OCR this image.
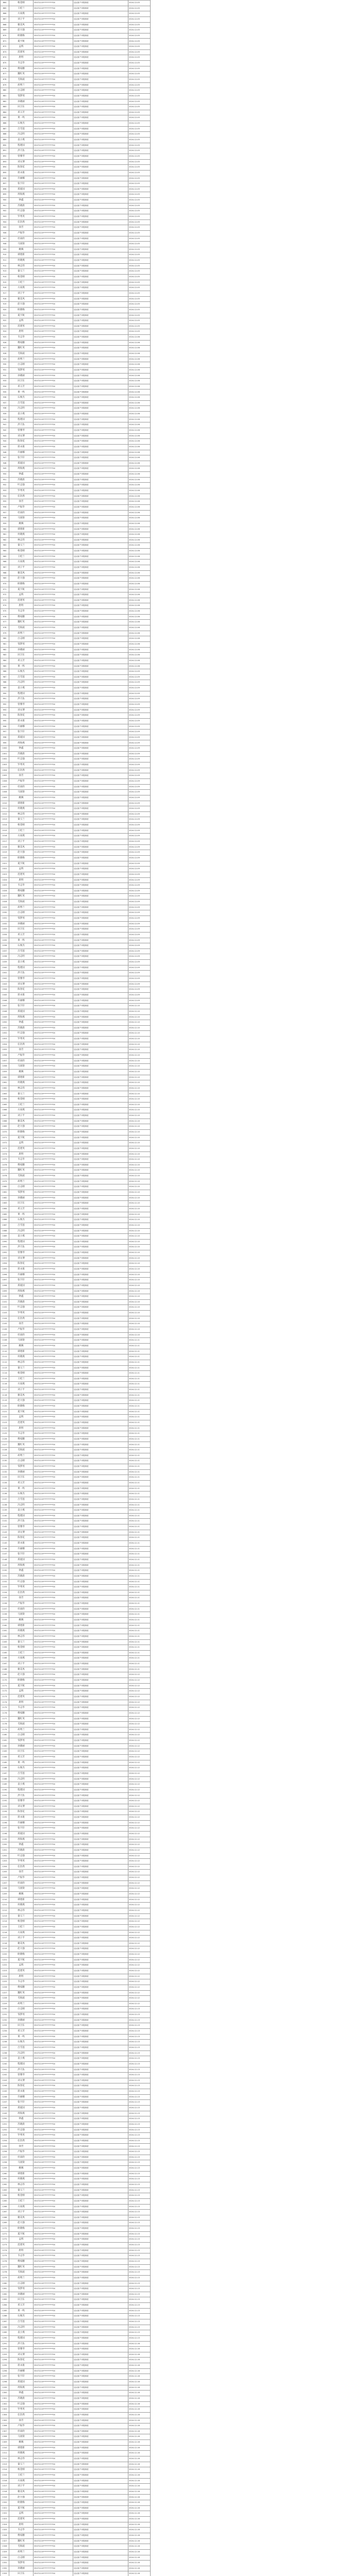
864	杨金刚	35072219**********5X	违反财产申报制度	2024-12-05
865	王桂兰	35072219**********5X	违反财产申报制度	2024-12-05
866	方雨燕	35072219**********5X	违反财产申报制度	2024-12-05
867	刘子平	35072219**********5X	违反财产申报制度	2024-12-05
868	谢美凤	35072219**********5X	违反财产申报制度	2024-12-05
869	赵大强	35072219**********5X	违反财产申报制度	2024-12-05
870	欧晓梅	35072219**********5X	违反财产申报制度	2024-12-05
871	夏宇航	35072219**********5X	违反财产申报制度	2024-12-05
872	孟辉	35072219**********5X	违反财产申报制度	2024-12-05
873	范建英	35072219**********5X	违反财产申报制度	2024-12-05
874	唐明	35072219**********5X	违反财产申报制度	2024-12-05
875	韦志华	35072219**********5X	违反财产申报制度	2024-12-05
876	傅家鹏	35072219**********5X	违反财产申报制度	2024-12-05
877	魏红英	35072219**********5X	违反财产申报制度	2024-12-05
878	毛海波	35072219**********5X	违反财产申报制度	2024-12-05
879	胡秀兰	35072219**********5X	违反财产申报制度	2024-12-05
880	白志刚	35072219**********5X	违反财产申报制度	2024-12-05
881	邹梦瑶	35072219**********5X	违反财产申报制度	2024-12-05
882	孙晓丽	35072219**********5X	违反财产申报制度	2024-12-05
883	田卫东	35072219**********5X	违反财产申报制度	2024-12-05
884	邓玉芳	35072219**********5X	违反财产申报制度	2024-12-05
885	黄一鸣	35072219**********5X	违反财产申报制度	2024-12-05
886	石俊杰	35072219**********5X	违反财产申报制度	2024-12-05
887	吕雪莲	35072219**********5X	违反财产申报制度	2024-12-05
888	冯志明	35072219**********5X	违反财产申报制度	2024-12-05
889	袁小燕	35072219**********5X	违反财产申报制度	2024-12-05
890	程建国	35072219**********5X	违反财产申报制度	2024-12-05
891	洪天佑	35072219**********5X	违反财产申报制度	2024-12-05
892	曾雅琴	35072219**********5X	违反财产申报制度	2024-12-05
893	刘文博	35072219**********5X	违反财产申报制度	2024-12-05
894	陈春花	35072219**********5X	违反财产申报制度	2024-12-05
895	蒋永康	35072219**********5X	违反财产申报制度	2024-12-05
896	许丽娜	35072219**********5X	违反财产申报制度	2024-12-05
897	张宇轩	35072219**********5X	违反财产申报制度	2024-12-05
898	郑爱国	35072219**********5X	违反财产申报制度	2024-12-05
899	周海燕	35072219**********5X	违反财产申报制度	2024-12-05
900	钟鑫	35072219**********5X	违反财产申报制度	2024-12-05
901	苏晓晨	35072219**********5X	违反财产申报制度	2024-12-05
902	叶志强	35072219**********5X	违反财产申报制度	2024-12-05
903	罗秀英	35072219**********5X	违反财产申报制度	2024-12-05
904	任浩然	35072219**********5X	违反财产申报制度	2024-12-05
905	徐芳	35072219**********5X	违反财产申报制度	2024-12-05
906	卢振华	35072219**********5X	违反财产申报制度	2024-12-05
907	杜雨欣	35072219**********5X	违反财产申报制度	2024-12-05
908	马国梁	35072219**********5X	违反财产申报制度	2024-12-05
909	姚佩	35072219**********5X	违反财产申报制度	2024-12-05
910	谭建新	35072219**********5X	违反财产申报制度	2024-12-05
911	何晓燕	35072219**********5X	违反财产申报制度	2024-12-05
912	林志伟	35072219**********5X	违反财产申报制度	2024-12-05
913	秦玉兰	35072219**********5X	违反财产申报制度	2024-12-05
914	杨金刚	35072219**********5X	违反财产申报制度	2024-12-05
915	王桂兰	35072219**********5X	违反财产申报制度	2024-12-05
916	方雨燕	35072219**********5X	违反财产申报制度	2024-12-05
917	刘子平	35072219**********5X	违反财产申报制度	2024-12-05
918	谢美凤	35072219**********5X	违反财产申报制度	2024-12-05
919	赵大强	35072219**********5X	违反财产申报制度	2024-12-05
920	欧晓梅	35072219**********5X	违反财产申报制度	2024-12-05
921	夏宇航	35072219**********5X	违反财产申报制度	2024-12-05
922	孟辉	35072219**********5X	违反财产申报制度	2024-12-05
923	范建英	35072219**********5X	违反财产申报制度	2024-12-05
924	唐明	35072219**********5X	违反财产申报制度	2024-12-05
925	韦志华	35072219**********5X	违反财产申报制度	2024-12-06
926	傅家鹏	35072219**********5X	违反财产申报制度	2024-12-06
927	魏红英	35072219**********5X	违反财产申报制度	2024-12-06
928	毛海波	35072219**********5X	违反财产申报制度	2024-12-06
929	胡秀兰	35072219**********5X	违反财产申报制度	2024-12-06
930	白志刚	35072219**********5X	违反财产申报制度	2024-12-06
931	邹梦瑶	35072219**********5X	违反财产申报制度	2024-12-06
932	孙晓丽	35072219**********5X	违反财产申报制度	2024-12-06
933	田卫东	35072219**********5X	违反财产申报制度	2024-12-06
934	邓玉芳	35072219**********5X	违反财产申报制度	2024-12-06
935	黄一鸣	35072219**********5X	违反财产申报制度	2024-12-06
936	石俊杰	35072219**********5X	违反财产申报制度	2024-12-06
937	吕雪莲	35072219**********5X	违反财产申报制度	2024-12-06
938	冯志明	35072219**********5X	违反财产申报制度	2024-12-06
939	袁小燕	35072219**********5X	违反财产申报制度	2024-12-06
940	程建国	35072219**********5X	违反财产申报制度	2024-12-06
941	洪天佑	35072219**********5X	违反财产申报制度	2024-12-06
942	曾雅琴	35072219**********5X	违反财产申报制度	2024-12-06
943	刘文博	35072219**********5X	违反财产申报制度	2024-12-06
944	陈春花	35072219**********5X	违反财产申报制度	2024-12-06
945	蒋永康	35072219**********5X	违反财产申报制度	2024-12-06
946	许丽娜	35072219**********5X	违反财产申报制度	2024-12-06
947	张宇轩	35072219**********5X	违反财产申报制度	2024-12-06
948	郑爱国	35072219**********5X	违反财产申报制度	2024-12-06
949	周海燕	35072219**********5X	违反财产申报制度	2024-12-06
950	钟鑫	35072219**********5X	违反财产申报制度	2024-12-06
951	苏晓晨	35072219**********5X	违反财产申报制度	2024-12-06
952	叶志强	35072219**********5X	违反财产申报制度	2024-12-06
953	罗秀英	35072219**********5X	违反财产申报制度	2024-12-06
954	任浩然	35072219**********5X	违反财产申报制度	2024-12-06
955	徐芳	35072219**********5X	违反财产申报制度	2024-12-06
956	卢振华	35072219**********5X	违反财产申报制度	2024-12-06
957	杜雨欣	35072219**********5X	违反财产申报制度	2024-12-06
958	马国梁	35072219**********5X	违反财产申报制度	2024-12-06
959	姚佩	35072219**********5X	违反财产申报制度	2024-12-06
960	谭建新	35072219**********5X	违反财产申报制度	2024-12-06
961	何晓燕	35072219**********5X	违反财产申报制度	2024-12-06
962	林志伟	35072219**********5X	违反财产申报制度	2024-12-06
963	秦玉兰	35072219**********5X	违反财产申报制度	2024-12-06
964	杨金刚	35072219**********5X	违反财产申报制度	2024-12-06
965	王桂兰	35072219**********5X	违反财产申报制度	2024-12-06
966	方雨燕	35072219**********5X	违反财产申报制度	2024-12-06
967	刘子平	35072219**********5X	违反财产申报制度	2024-12-06
968	谢美凤	35072219**********5X	违反财产申报制度	2024-12-06
969	赵大强	35072219**********5X	违反财产申报制度	2024-12-06
970	欧晓梅	35072219**********5X	违反财产申报制度	2024-12-06
971	夏宇航	35072219**********5X	违反财产申报制度	2024-12-06
972	孟辉	35072219**********5X	违反财产申报制度	2024-12-06
973	范建英	35072219**********5X	违反财产申报制度	2024-12-06
974	唐明	35072219**********5X	违反财产申报制度	2024-12-06
975	韦志华	35072219**********5X	违反财产申报制度	2024-12-06
976	傅家鹏	35072219**********5X	违反财产申报制度	2024-12-06
977	魏红英	35072219**********5X	违反财产申报制度	2024-12-06
978	毛海波	35072219**********5X	违反财产申报制度	2024-12-06
979	胡秀兰	35072219**********5X	违反财产申报制度	2024-12-06
980	白志刚	35072219**********5X	违反财产申报制度	2024-12-06
981	邹梦瑶	35072219**********5X	违反财产申报制度	2024-12-06
982	孙晓丽	35072219**********5X	违反财产申报制度	2024-12-06
983	田卫东	35072219**********5X	违反财产申报制度	2024-12-06
984	邓玉芳	35072219**********5X	违反财产申报制度	2024-12-06
985	黄一鸣	35072219**********5X	违反财产申报制度	2024-12-06
986	石俊杰	35072219**********5X	违反财产申报制度	2024-12-09
987	吕雪莲	35072219**********5X	违反财产申报制度	2024-12-09
988	冯志明	35072219**********5X	违反财产申报制度	2024-12-09
989	袁小燕	35072219**********5X	违反财产申报制度	2024-12-09
990	程建国	35072219**********5X	违反财产申报制度	2024-12-09
991	洪天佑	35072219**********5X	违反财产申报制度	2024-12-09
992	曾雅琴	35072219**********5X	违反财产申报制度	2024-12-09
993	刘文博	35072219**********5X	违反财产申报制度	2024-12-09
994	陈春花	35072219**********5X	违反财产申报制度	2024-12-09
995	蒋永康	35072219**********5X	违反财产申报制度	2024-12-09
996	许丽娜	35072219**********5X	违反财产申报制度	2024-12-09
997	张宇轩	35072219**********5X	违反财产申报制度	2024-12-09
998	郑爱国	35072219**********5X	违反财产申报制度	2024-12-09
999	周海燕	35072219**********5X	违反财产申报制度	2024-12-09
1000	钟鑫	35072219**********5X	违反财产申报制度	2024-12-09
1001	苏晓晨	35072219**********5X	违反财产申报制度	2024-12-09
1002	叶志强	35072219**********5X	违反财产申报制度	2024-12-09
1003	罗秀英	35072219**********5X	违反财产申报制度	2024-12-09
1004	任浩然	35072219**********5X	违反财产申报制度	2024-12-09
1005	徐芳	35072219**********5X	违反财产申报制度	2024-12-09
1006	卢振华	35072219**********5X	违反财产申报制度	2024-12-09
1007	杜雨欣	35072219**********5X	违反财产申报制度	2024-12-09
1008	马国梁	35072219**********5X	违反财产申报制度	2024-12-09
1009	姚佩	35072219**********5X	违反财产申报制度	2024-12-09
1010	谭建新	35072219**********5X	违反财产申报制度	2024-12-09
1011	何晓燕	35072219**********5X	违反财产申报制度	2024-12-09
1012	林志伟	35072219**********5X	违反财产申报制度	2024-12-09
1013	秦玉兰	35072219**********5X	违反财产申报制度	2024-12-09
1014	杨金刚	35072219**********5X	违反财产申报制度	2024-12-09
1015	王桂兰	35072219**********5X	违反财产申报制度	2024-12-09
1016	方雨燕	35072219**********5X	违反财产申报制度	2024-12-09
1017	刘子平	35072219**********5X	违反财产申报制度	2024-12-09
1018	谢美凤	35072219**********5X	违反财产申报制度	2024-12-09
1019	赵大强	35072219**********5X	违反财产申报制度	2024-12-09
1020	欧晓梅	35072219**********5X	违反财产申报制度	2024-12-09
1021	夏宇航	35072219**********5X	违反财产申报制度	2024-12-09
1022	孟辉	35072219**********5X	违反财产申报制度	2024-12-09
1023	范建英	35072219**********5X	违反财产申报制度	2024-12-09
1024	唐明	35072219**********5X	违反财产申报制度	2024-12-09
1025	韦志华	35072219**********5X	违反财产申报制度	2024-12-09
1026	傅家鹏	35072219**********5X	违反财产申报制度	2024-12-09
1027	魏红英	35072219**********5X	违反财产申报制度	2024-12-09
1028	毛海波	35072219**********5X	违反财产申报制度	2024-12-09
1029	胡秀兰	35072219**********5X	违反财产申报制度	2024-12-09
1030	白志刚	35072219**********5X	违反财产申报制度	2024-12-09
1031	邹梦瑶	35072219**********5X	违反财产申报制度	2024-12-09
1032	孙晓丽	35072219**********5X	违反财产申报制度	2024-12-09
1033	田卫东	35072219**********5X	违反财产申报制度	2024-12-09
1034	邓玉芳	35072219**********5X	违反财产申报制度	2024-12-09
1035	黄一鸣	35072219**********5X	违反财产申报制度	2024-12-09
1036	石俊杰	35072219**********5X	违反财产申报制度	2024-12-09
1037	吕雪莲	35072219**********5X	违反财产申报制度	2024-12-09
1038	冯志明	35072219**********5X	违反财产申报制度	2024-12-09
1039	袁小燕	35072219**********5X	违反财产申报制度	2024-12-09
1040	程建国	35072219**********5X	违反财产申报制度	2024-12-09
1041	洪天佑	35072219**********5X	违反财产申报制度	2024-12-09
1042	曾雅琴	35072219**********5X	违反财产申报制度	2024-12-09
1043	刘文博	35072219**********5X	违反财产申报制度	2024-12-09
1044	陈春花	35072219**********5X	违反财产申报制度	2024-12-09
1045	蒋永康	35072219**********5X	违反财产申报制度	2024-12-09
1046	许丽娜	35072219**********5X	违反财产申报制度	2024-12-09
1047	张宇轩	35072219**********5X	违反财产申报制度	2024-12-10
1048	郑爱国	35072219**********5X	违反财产申报制度	2024-12-10
1049	周海燕	35072219**********5X	违反财产申报制度	2024-12-10
1050	钟鑫	35072219**********5X	违反财产申报制度	2024-12-10
1051	苏晓晨	35072219**********5X	违反财产申报制度	2024-12-10
1052	叶志强	35072219**********5X	违反财产申报制度	2024-12-10
1053	罗秀英	35072219**********5X	违反财产申报制度	2024-12-10
1054	任浩然	35072219**********5X	违反财产申报制度	2024-12-10
1055	徐芳	35072219**********5X	违反财产申报制度	2024-12-10
1056	卢振华	35072219**********5X	违反财产申报制度	2024-12-10
1057	杜雨欣	35072219**********5X	违反财产申报制度	2024-12-10
1058	马国梁	35072219**********5X	违反财产申报制度	2024-12-10
1059	姚佩	35072219**********5X	违反财产申报制度	2024-12-10
1060	谭建新	35072219**********5X	违反财产申报制度	2024-12-10
1061	何晓燕	35072219**********5X	违反财产申报制度	2024-12-10
1062	林志伟	35072219**********5X	违反财产申报制度	2024-12-10
1063	秦玉兰	35072219**********5X	违反财产申报制度	2024-12-10
1064	杨金刚	35072219**********5X	违反财产申报制度	2024-12-10
1065	王桂兰	35072219**********5X	违反财产申报制度	2024-12-10
1066	方雨燕	35072219**********5X	违反财产申报制度	2024-12-10
1067	刘子平	35072219**********5X	违反财产申报制度	2024-12-10
1068	谢美凤	35072219**********5X	违反财产申报制度	2024-12-10
1069	赵大强	35072219**********5X	违反财产申报制度	2024-12-10
1070	欧晓梅	35072219**********5X	违反财产申报制度	2024-12-10
1071	夏宇航	35072219**********5X	违反财产申报制度	2024-12-10
1072	孟辉	35072219**********5X	违反财产申报制度	2024-12-10
1073	范建英	35072219**********5X	违反财产申报制度	2024-12-10
1074	唐明	35072219**********5X	违反财产申报制度	2024-12-10
1075	韦志华	35072219**********5X	违反财产申报制度	2024-12-10
1076	傅家鹏	35072219**********5X	违反财产申报制度	2024-12-10
1077	魏红英	35072219**********5X	违反财产申报制度	2024-12-10
1078	毛海波	35072219**********5X	违反财产申报制度	2024-12-10
1079	胡秀兰	35072219**********5X	违反财产申报制度	2024-12-10
1080	白志刚	35072219**********5X	违反财产申报制度	2024-12-10
1081	邹梦瑶	35072219**********5X	违反财产申报制度	2024-12-10
1082	孙晓丽	35072219**********5X	违反财产申报制度	2024-12-10
1083	田卫东	35072219**********5X	违反财产申报制度	2024-12-10
1084	邓玉芳	35072219**********5X	违反财产申报制度	2024-12-10
1085	黄一鸣	35072219**********5X	违反财产申报制度	2024-12-10
1086	石俊杰	35072219**********5X	违反财产申报制度	2024-12-10
1087	吕雪莲	35072219**********5X	违反财产申报制度	2024-12-10
1088	冯志明	35072219**********5X	违反财产申报制度	2024-12-10
1089	袁小燕	35072219**********5X	违反财产申报制度	2024-12-10
1090	程建国	35072219**********5X	违反财产申报制度	2024-12-10
1091	洪天佑	35072219**********5X	违反财产申报制度	2024-12-10
1092	曾雅琴	35072219**********5X	违反财产申报制度	2024-12-10
1093	刘文博	35072219**********5X	违反财产申报制度	2024-12-10
1094	陈春花	35072219**********5X	违反财产申报制度	2024-12-10
1095	蒋永康	35072219**********5X	违反财产申报制度	2024-12-10
1096	许丽娜	35072219**********5X	违反财产申报制度	2024-12-10
1097	张宇轩	35072219**********5X	违反财产申报制度	2024-12-10
1098	郑爱国	35072219**********5X	违反财产申报制度	2024-12-10
1099	周海燕	35072219**********5X	违反财产申报制度	2024-12-10
1100	钟鑫	35072219**********5X	违反财产申报制度	2024-12-10
1101	苏晓晨	35072219**********5X	违反财产申报制度	2024-12-10
1102	叶志强	35072219**********5X	违反财产申报制度	2024-12-10
1103	罗秀英	35072219**********5X	违反财产申报制度	2024-12-10
1104	任浩然	35072219**********5X	违反财产申报制度	2024-12-10
1105	徐芳	35072219**********5X	违反财产申报制度	2024-12-10
1106	卢振华	35072219**********5X	违反财产申报制度	2024-12-10
1107	杜雨欣	35072219**********5X	违反财产申报制度	2024-12-10
1108	马国梁	35072219**********5X	违反财产申报制度	2024-12-11
1109	姚佩	35072219**********5X	违反财产申报制度	2024-12-11
1110	谭建新	35072219**********5X	违反财产申报制度	2024-12-11
1111	何晓燕	35072219**********5X	违反财产申报制度	2024-12-11
1112	林志伟	35072219**********5X	违反财产申报制度	2024-12-11
1113	秦玉兰	35072219**********5X	违反财产申报制度	2024-12-11
1114	杨金刚	35072219**********5X	违反财产申报制度	2024-12-11
1115	王桂兰	35072219**********5X	违反财产申报制度	2024-12-11
1116	方雨燕	35072219**********5X	违反财产申报制度	2024-12-11
1117	刘子平	35072219**********5X	违反财产申报制度	2024-12-11
1118	谢美凤	35072219**********5X	违反财产申报制度	2024-12-11
1119	赵大强	35072219**********5X	违反财产申报制度	2024-12-11
1120	欧晓梅	35072219**********5X	违反财产申报制度	2024-12-11
1121	夏宇航	35072219**********5X	违反财产申报制度	2024-12-11
1122	孟辉	35072219**********5X	违反财产申报制度	2024-12-11
1123	范建英	35072219**********5X	违反财产申报制度	2024-12-11
1124	唐明	35072219**********5X	违反财产申报制度	2024-12-11
1125	韦志华	35072219**********5X	违反财产申报制度	2024-12-11
1126	傅家鹏	35072219**********5X	违反财产申报制度	2024-12-11
1127	魏红英	35072219**********5X	违反财产申报制度	2024-12-11
1128	毛海波	35072219**********5X	违反财产申报制度	2024-12-11
1129	胡秀兰	35072219**********5X	违反财产申报制度	2024-12-11
1130	白志刚	35072219**********5X	违反财产申报制度	2024-12-11
1131	邹梦瑶	35072219**********5X	违反财产申报制度	2024-12-11
1132	孙晓丽	35072219**********5X	违反财产申报制度	2024-12-11
1133	田卫东	35072219**********5X	违反财产申报制度	2024-12-11
1134	邓玉芳	35072219**********5X	违反财产申报制度	2024-12-11
1135	黄一鸣	35072219**********5X	违反财产申报制度	2024-12-11
1136	石俊杰	35072219**********5X	违反财产申报制度	2024-12-11
1137	吕雪莲	35072219**********5X	违反财产申报制度	2024-12-11
1138	冯志明	35072219**********5X	违反财产申报制度	2024-12-11
1139	袁小燕	35072219**********5X	违反财产申报制度	2024-12-11
1140	程建国	35072219**********5X	违反财产申报制度	2024-12-11
1141	洪天佑	35072219**********5X	违反财产申报制度	2024-12-11
1142	曾雅琴	35072219**********5X	违反财产申报制度	2024-12-11
1143	刘文博	35072219**********5X	违反财产申报制度	2024-12-11
1144	陈春花	35072219**********5X	违反财产申报制度	2024-12-11
1145	蒋永康	35072219**********5X	违反财产申报制度	2024-12-11
1146	许丽娜	35072219**********5X	违反财产申报制度	2024-12-11
1147	张宇轩	35072219**********5X	违反财产申报制度	2024-12-11
1148	郑爱国	35072219**********5X	违反财产申报制度	2024-12-11
1149	周海燕	35072219**********5X	违反财产申报制度	2024-12-11
1150	钟鑫	35072219**********5X	违反财产申报制度	2024-12-11
1151	苏晓晨	35072219**********5X	违反财产申报制度	2024-12-11
1152	叶志强	35072219**********5X	违反财产申报制度	2024-12-11
1153	罗秀英	35072219**********5X	违反财产申报制度	2024-12-11
1154	任浩然	35072219**********5X	违反财产申报制度	2024-12-11
1155	徐芳	35072219**********5X	违反财产申报制度	2024-12-11
1156	卢振华	35072219**********5X	违反财产申报制度	2024-12-11
1157	杜雨欣	35072219**********5X	违反财产申报制度	2024-12-11
1158	马国梁	35072219**********5X	违反财产申报制度	2024-12-11
1159	姚佩	35072219**********5X	违反财产申报制度	2024-12-11
1160	谭建新	35072219**********5X	违反财产申报制度	2024-12-11
1161	何晓燕	35072219**********5X	违反财产申报制度	2024-12-11
1162	林志伟	35072219**********5X	违反财产申报制度	2024-12-11
1163	秦玉兰	35072219**********5X	违反财产申报制度	2024-12-11
1164	杨金刚	35072219**********5X	违反财产申报制度	2024-12-11
1165	王桂兰	35072219**********5X	违反财产申报制度	2024-12-11
1166	方雨燕	35072219**********5X	违反财产申报制度	2024-12-11
1167	刘子平	35072219**********5X	违反财产申报制度	2024-12-11
1168	谢美凤	35072219**********5X	违反财产申报制度	2024-12-11
1169	赵大强	35072219**********5X	违反财产申报制度	2024-12-12
1170	欧晓梅	35072219**********5X	违反财产申报制度	2024-12-12
1171	夏宇航	35072219**********5X	违反财产申报制度	2024-12-12
1172	孟辉	35072219**********5X	违反财产申报制度	2024-12-12
1173	范建英	35072219**********5X	违反财产申报制度	2024-12-12
1174	唐明	35072219**********5X	违反财产申报制度	2024-12-12
1175	韦志华	35072219**********5X	违反财产申报制度	2024-12-12
1176	傅家鹏	35072219**********5X	违反财产申报制度	2024-12-12
1177	魏红英	35072219**********5X	违反财产申报制度	2024-12-12
1178	毛海波	35072219**********5X	违反财产申报制度	2024-12-12
1179	胡秀兰	35072219**********5X	违反财产申报制度	2024-12-12
1180	白志刚	35072219**********5X	违反财产申报制度	2024-12-12
1181	邹梦瑶	35072219**********5X	违反财产申报制度	2024-12-12
1182	孙晓丽	35072219**********5X	违反财产申报制度	2024-12-12
1183	田卫东	35072219**********5X	违反财产申报制度	2024-12-12
1184	邓玉芳	35072219**********5X	违反财产申报制度	2024-12-12
1185	黄一鸣	35072219**********5X	违反财产申报制度	2024-12-12
1186	石俊杰	35072219**********5X	违反财产申报制度	2024-12-12
1187	吕雪莲	35072219**********5X	违反财产申报制度	2024-12-12
1188	冯志明	35072219**********5X	违反财产申报制度	2024-12-12
1189	袁小燕	35072219**********5X	违反财产申报制度	2024-12-12
1190	程建国	35072219**********5X	违反财产申报制度	2024-12-12
1191	洪天佑	35072219**********5X	违反财产申报制度	2024-12-12
1192	曾雅琴	35072219**********5X	违反财产申报制度	2024-12-12
1193	刘文博	35072219**********5X	违反财产申报制度	2024-12-12
1194	陈春花	35072219**********5X	违反财产申报制度	2024-12-12
1195	蒋永康	35072219**********5X	违反财产申报制度	2024-12-12
1196	许丽娜	35072219**********5X	违反财产申报制度	2024-12-12
1197	张宇轩	35072219**********5X	违反财产申报制度	2024-12-12
1198	郑爱国	35072219**********5X	违反财产申报制度	2024-12-12
1199	周海燕	35072219**********5X	违反财产申报制度	2024-12-12
1200	钟鑫	35072219**********5X	违反财产申报制度	2024-12-12
1201	苏晓晨	35072219**********5X	违反财产申报制度	2024-12-12
1202	叶志强	35072219**********5X	违反财产申报制度	2024-12-12
1203	罗秀英	35072219**********5X	违反财产申报制度	2024-12-12
1204	任浩然	35072219**********5X	违反财产申报制度	2024-12-12
1205	徐芳	35072219**********5X	违反财产申报制度	2024-12-12
1206	卢振华	35072219**********5X	违反财产申报制度	2024-12-12
1207	杜雨欣	35072219**********5X	违反财产申报制度	2024-12-12
1208	马国梁	35072219**********5X	违反财产申报制度	2024-12-12
1209	姚佩	35072219**********5X	违反财产申报制度	2024-12-12
1210	谭建新	35072219**********5X	违反财产申报制度	2024-12-12
1211	何晓燕	35072219**********5X	违反财产申报制度	2024-12-12
1212	林志伟	35072219**********5X	违反财产申报制度	2024-12-12
1213	秦玉兰	35072219**********5X	违反财产申报制度	2024-12-12
1214	杨金刚	35072219**********5X	违反财产申报制度	2024-12-12
1215	王桂兰	35072219**********5X	违反财产申报制度	2024-12-12
1216	方雨燕	35072219**********5X	违反财产申报制度	2024-12-12
1217	刘子平	35072219**********5X	违反财产申报制度	2024-12-12
1218	谢美凤	35072219**********5X	违反财产申报制度	2024-12-12
1219	赵大强	35072219**********5X	违反财产申报制度	2024-12-12
1220	欧晓梅	35072219**********5X	违反财产申报制度	2024-12-12
1221	夏宇航	35072219**********5X	违反财产申报制度	2024-12-12
1222	孟辉	35072219**********5X	违反财产申报制度	2024-12-12
1223	范建英	35072219**********5X	违反财产申报制度	2024-12-12
1224	唐明	35072219**********5X	违反财产申报制度	2024-12-12
1225	韦志华	35072219**********5X	违反财产申报制度	2024-12-12
1226	傅家鹏	35072219**********5X	违反财产申报制度	2024-12-12
1227	魏红英	35072219**********5X	违反财产申报制度	2024-12-12
1228	毛海波	35072219**********5X	违反财产申报制度	2024-12-12
1229	胡秀兰	35072219**********5X	违反财产申报制度	2024-12-12
1230	白志刚	35072219**********5X	违反财产申报制度	2024-12-13
1231	邹梦瑶	35072219**********5X	违反财产申报制度	2024-12-13
1232	孙晓丽	35072219**********5X	违反财产申报制度	2024-12-13
1233	田卫东	35072219**********5X	违反财产申报制度	2024-12-13
1234	邓玉芳	35072219**********5X	违反财产申报制度	2024-12-13
1235	黄一鸣	35072219**********5X	违反财产申报制度	2024-12-13
1236	石俊杰	35072219**********5X	违反财产申报制度	2024-12-13
1237	吕雪莲	35072219**********5X	违反财产申报制度	2024-12-13
1238	冯志明	35072219**********5X	违反财产申报制度	2024-12-13
1239	袁小燕	35072219**********5X	违反财产申报制度	2024-12-13
1240	程建国	35072219**********5X	违反财产申报制度	2024-12-13
1241	洪天佑	35072219**********5X	违反财产申报制度	2024-12-13
1242	曾雅琴	35072219**********5X	违反财产申报制度	2024-12-13
1243	刘文博	35072219**********5X	违反财产申报制度	2024-12-13
1244	陈春花	35072219**********5X	违反财产申报制度	2024-12-13
1245	蒋永康	35072219**********5X	违反财产申报制度	2024-12-13
1246	许丽娜	35072219**********5X	违反财产申报制度	2024-12-13
1247	张宇轩	35072219**********5X	违反财产申报制度	2024-12-13
1248	郑爱国	35072219**********5X	违反财产申报制度	2024-12-13
1249	周海燕	35072219**********5X	违反财产申报制度	2024-12-13
1250	钟鑫	35072219**********5X	违反财产申报制度	2024-12-13
1251	苏晓晨	35072219**********5X	违反财产申报制度	2024-12-13
1252	叶志强	35072219**********5X	违反财产申报制度	2024-12-13
1253	罗秀英	35072219**********5X	违反财产申报制度	2024-12-13
1254	任浩然	35072219**********5X	违反财产申报制度	2024-12-13
1255	徐芳	35072219**********5X	违反财产申报制度	2024-12-13
1256	卢振华	35072219**********5X	违反财产申报制度	2024-12-13
1257	杜雨欣	35072219**********5X	违反财产申报制度	2024-12-13
1258	马国梁	35072219**********5X	违反财产申报制度	2024-12-13
1259	姚佩	35072219**********5X	违反财产申报制度	2024-12-13
1260	谭建新	35072219**********5X	违反财产申报制度	2024-12-13
1261	何晓燕	35072219**********5X	违反财产申报制度	2024-12-13
1262	林志伟	35072219**********5X	违反财产申报制度	2024-12-13
1263	秦玉兰	35072219**********5X	违反财产申报制度	2024-12-13
1264	杨金刚	35072219**********5X	违反财产申报制度	2024-12-13
1265	王桂兰	35072219**********5X	违反财产申报制度	2024-12-13
1266	方雨燕	35072219**********5X	违反财产申报制度	2024-12-13
1267	刘子平	35072219**********5X	违反财产申报制度	2024-12-13
1268	谢美凤	35072219**********5X	违反财产申报制度	2024-12-13
1269	赵大强	35072219**********5X	违反财产申报制度	2024-12-13
1270	欧晓梅	35072219**********5X	违反财产申报制度	2024-12-13
1271	夏宇航	35072219**********5X	违反财产申报制度	2024-12-13
1272	孟辉	35072219**********5X	违反财产申报制度	2024-12-13
1273	范建英	35072219**********5X	违反财产申报制度	2024-12-13
1274	唐明	35072219**********5X	违反财产申报制度	2024-12-13
1275	韦志华	35072219**********5X	违反财产申报制度	2024-12-13
1276	傅家鹏	35072219**********5X	违反财产申报制度	2024-12-13
1277	魏红英	35072219**********5X	违反财产申报制度	2024-12-13
1278	毛海波	35072219**********5X	违反财产申报制度	2024-12-13
1279	胡秀兰	35072219**********5X	违反财产申报制度	2024-12-13
1280	白志刚	35072219**********5X	违反财产申报制度	2024-12-13
1281	邹梦瑶	35072219**********5X	违反财产申报制度	2024-12-13
1282	孙晓丽	35072219**********5X	违反财产申报制度	2024-12-13
1283	田卫东	35072219**********5X	违反财产申报制度	2024-12-13
1284	邓玉芳	35072219**********5X	违反财产申报制度	2024-12-13
1285	黄一鸣	35072219**********5X	违反财产申报制度	2024-12-13
1286	石俊杰	35072219**********5X	违反财产申报制度	2024-12-13
1287	吕雪莲	35072219**********5X	违反财产申报制度	2024-12-13
1288	冯志明	35072219**********5X	违反财产申报制度	2024-12-13
1289	袁小燕	35072219**********5X	违反财产申报制度	2024-12-13
1290	程建国	35072219**********5X	违反财产申报制度	2024-12-13
1291	洪天佑	35072219**********5X	违反财产申报制度	2024-12-16
1292	曾雅琴	35072219**********5X	违反财产申报制度	2024-12-16
1293	刘文博	35072219**********5X	违反财产申报制度	2024-12-16
1294	陈春花	35072219**********5X	违反财产申报制度	2024-12-16
1295	蒋永康	35072219**********5X	违反财产申报制度	2024-12-16
1296	许丽娜	35072219**********5X	违反财产申报制度	2024-12-16
1297	张宇轩	35072219**********5X	违反财产申报制度	2024-12-16
1298	郑爱国	35072219**********5X	违反财产申报制度	2024-12-16
1299	周海燕	35072219**********5X	违反财产申报制度	2024-12-16
1300	钟鑫	35072219**********5X	违反财产申报制度	2024-12-16
1301	苏晓晨	35072219**********5X	违反财产申报制度	2024-12-16
1302	叶志强	35072219**********5X	违反财产申报制度	2024-12-16
1303	罗秀英	35072219**********5X	违反财产申报制度	2024-12-16
1304	任浩然	35072219**********5X	违反财产申报制度	2024-12-16
1305	徐芳	35072219**********5X	违反财产申报制度	2024-12-16
1306	卢振华	35072219**********5X	违反财产申报制度	2024-12-16
1307	杜雨欣	35072219**********5X	违反财产申报制度	2024-12-16
1308	马国梁	35072219**********5X	违反财产申报制度	2024-12-16
1309	姚佩	35072219**********5X	违反财产申报制度	2024-12-16
1310	谭建新	35072219**********5X	违反财产申报制度	2024-12-16
1311	何晓燕	35072219**********5X	违反财产申报制度	2024-12-16
1312	林志伟	35072219**********5X	违反财产申报制度	2024-12-16
1313	秦玉兰	35072219**********5X	违反财产申报制度	2024-12-16
1314	杨金刚	35072219**********5X	违反财产申报制度	2024-12-16
1315	王桂兰	35072219**********5X	违反财产申报制度	2024-12-16
1316	方雨燕	35072219**********5X	违反财产申报制度	2024-12-16
1317	刘子平	35072219**********5X	违反财产申报制度	2024-12-16
1318	谢美凤	35072219**********5X	违反财产申报制度	2024-12-16
1319	赵大强	35072219**********5X	违反财产申报制度	2024-12-16
1320	欧晓梅	35072219**********5X	违反财产申报制度	2024-12-16
1321	夏宇航	35072219**********5X	违反财产申报制度	2024-12-16
1322	孟辉	35072219**********5X	违反财产申报制度	2024-12-16
1323	范建英	35072219**********5X	违反财产申报制度	2024-12-16
1324	唐明	35072219**********5X	违反财产申报制度	2024-12-16
1325	韦志华	35072219**********5X	违反财产申报制度	2024-12-16
1326	傅家鹏	35072219**********5X	违反财产申报制度	2024-12-16
1327	魏红英	35072219**********5X	违反财产申报制度	2024-12-16
1328	毛海波	35072219**********5X	违反财产申报制度	2024-12-16
1329	胡秀兰	35072219**********5X	违反财产申报制度	2024-12-16
1330	白志刚	35072219**********5X	违反财产申报制度	2024-12-16
1331	邹梦瑶	35072219**********5X	违反财产申报制度	2024-12-16
1332	孙晓丽	35072219**********5X	违反财产申报制度	2024-12-16
1333	田卫东	35072219**********5X	违反财产申报制度	2024-12-16
